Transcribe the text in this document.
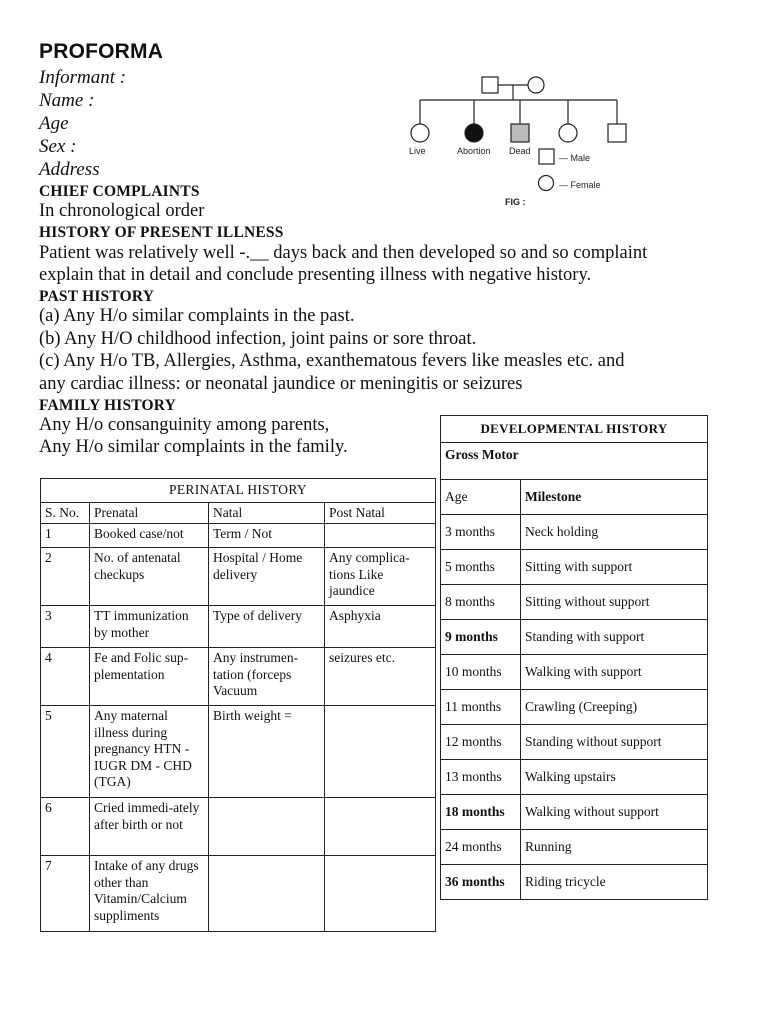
PROFORMA
Informant :
Name :
Age
Sex :
Address
CHIEF COMPLAINTS
In chronological order
HISTORY OF PRESENT ILLNESS
Patient was relatively well -.__ days back and then developed so and so complaint
explain that in detail and conclude presenting illness with negative history.
PAST HISTORY
(a) Any H/o similar complaints in the past.
(b) Any H/O childhood infection, joint pains or sore throat.
(c) Any H/o TB, Allergies, Asthma, exanthematous fevers like measles etc. and
any cardiac illness: or neonatal jaundice or meningitis or seizures
FAMILY HISTORY
Any H/o consanguinity among parents,
Any H/o similar complaints in the family.
Live	Abortion Dead
— Male
— Female
FIG :
PERINATAL HISTORY			
S. No.	Prenatal	Natal	Post Natal
1	Booked case/not	Term / Not	
2	No. of antenatal checkups	Hospital / Home delivery	Any complica-tions Like jaundice
3	TT immunization by mother	Type of delivery	Asphyxia
4	Fe and Folic sup-plementation	Any instrumen-tation (forceps Vacuum	seizures etc.
5	Any maternal illness during pregnancy HTN - IUGR DM - CHD (TGA)	Birth weight =	
6	Cried immedi-ately after birth or not		
7	Intake of any drugs other than Vitamin/Calcium suppliments		
DEVELOPMENTAL HISTORY	
Gross Motor	
Age	Milestone
3 months	Neck holding
5 months	Sitting with support
8 months	Sitting without support
9 months	Standing with support
10 months	Walking with support
11 months	Crawling (Creeping)
12 months	Standing without support
13 months	Walking upstairs
18 months	Walking without support
24 months	Running
36 months	Riding tricycle
